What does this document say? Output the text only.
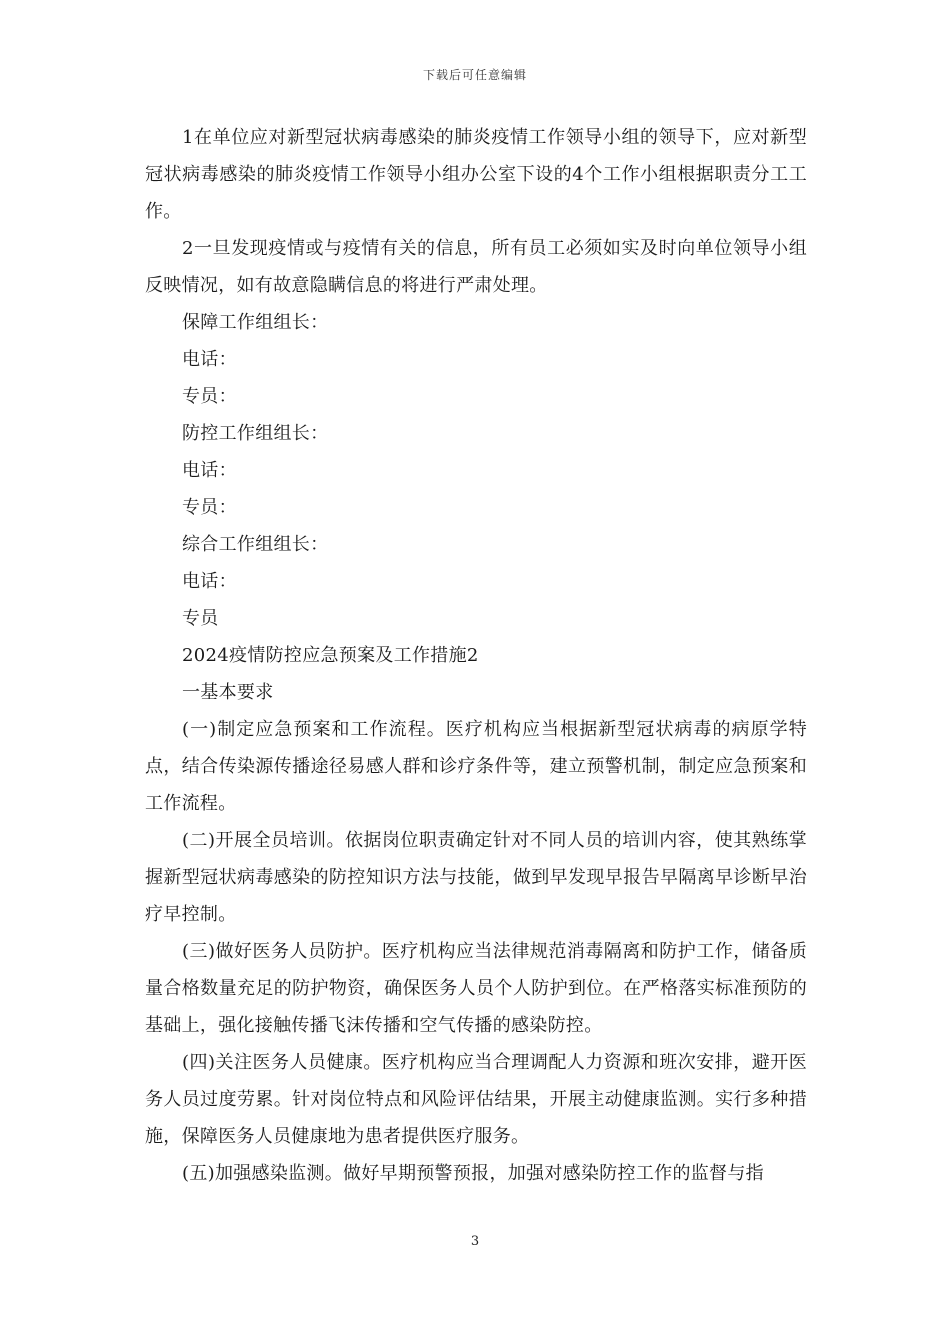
下载后可任意编辑

1在单位应对新型冠状病毒感染的肺炎疫情工作领导小组的领导下，应对新型冠状病毒感染的肺炎疫情工作领导小组办公室下设的4个工作小组根据职责分工工作。

2一旦发现疫情或与疫情有关的信息，所有员工必须如实及时向单位领导小组反映情况，如有故意隐瞒信息的将进行严肃处理。

保障工作组组长：

电话：

专员：

防控工作组组长：

电话：

专员：

综合工作组组长：

电话：

专员

2024疫情防控应急预案及工作措施2

一基本要求

(一)制定应急预案和工作流程。医疗机构应当根据新型冠状病毒的病原学特点，结合传染源传播途径易感人群和诊疗条件等，建立预警机制，制定应急预案和工作流程。

(二)开展全员培训。依据岗位职责确定针对不同人员的培训内容，使其熟练掌握新型冠状病毒感染的防控知识方法与技能，做到早发现早报告早隔离早诊断早治疗早控制。

(三)做好医务人员防护。医疗机构应当法律规范消毒隔离和防护工作，储备质量合格数量充足的防护物资，确保医务人员个人防护到位。在严格落实标准预防的基础上，强化接触传播飞沫传播和空气传播的感染防控。

(四)关注医务人员健康。医疗机构应当合理调配人力资源和班次安排，避开医务人员过度劳累。针对岗位特点和风险评估结果，开展主动健康监测。实行多种措施，保障医务人员健康地为患者提供医疗服务。

(五)加强感染监测。做好早期预警预报，加强对感染防控工作的监督与指

3
